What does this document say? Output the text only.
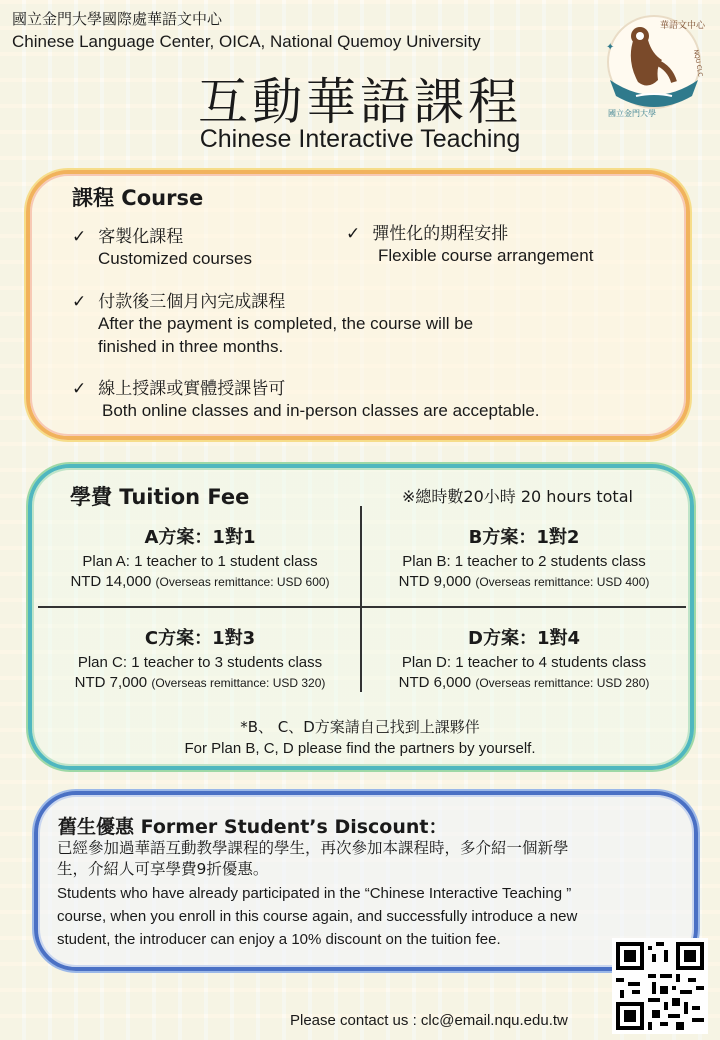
國立金門大學國際處華語文中心
Chinese Language Center, OICA, National Quemoy University
互動華語課程
Chinese Interactive Teaching
華語文中心
國立金門大學
NQU CLC
✦
課程 Course
✓ 客製化課程
Customized courses
✓ 彈性化的期程安排
Flexible course arrangement
✓ 付款後三個月內完成課程
After the payment is completed, the course will be
finished in three months.
✓ 線上授課或實體授課皆可
Both online classes and in-person classes are acceptable.
學費 Tuition Fee	※總時數20小時 20 hours total
A方案：1對1
Plan A: 1 teacher to 1 student class
NTD 14,000 (Overseas remittance: USD 600)
B方案：1對2
Plan B: 1 teacher to 2 students class
NTD 9,000 (Overseas remittance: USD 400)
C方案：1對3
Plan C: 1 teacher to 3 students class
NTD 7,000 (Overseas remittance: USD 320)
D方案：1對4
Plan D: 1 teacher to 4 students class
NTD 6,000 (Overseas remittance: USD 280)
*B、 C、D方案請自己找到上課夥伴
For Plan B, C, D please find the partners by yourself.
舊生優惠 Former Student’s Discount：
已經參加過華語互動教學課程的學生，再次參加本課程時，多介紹一個新學
生，介紹人可享學費9折優惠。
Students who have already participated in the “Chinese Interactive Teaching ”
course, when you enroll in this course again, and successfully introduce a new
student, the introducer can enjoy a 10% discount on the tuition fee.
Please contact us : clc@email.nqu.edu.tw
